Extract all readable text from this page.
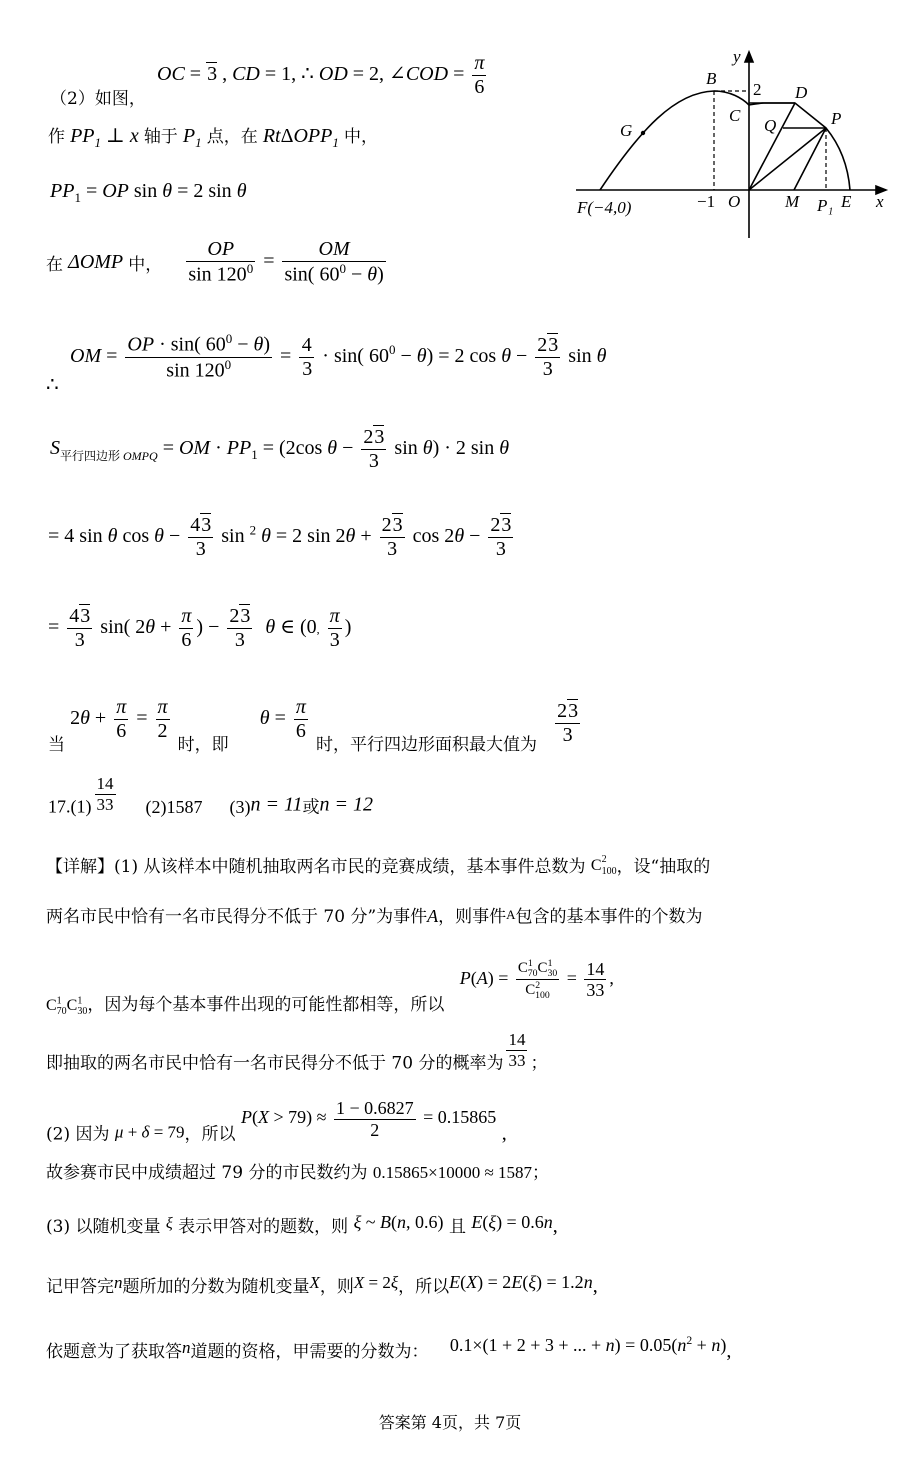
（2）如图，
OC = 3 , CD = 1, ∴ OD = 2, ∠COD = $\frac{\pi}{6}$
作 $PP_1$ ⊥ x 轴于 $P_1$ 点，在 RtΔOPP$_1$ 中，
$PP_1$ = OP sin θ = 2 sin θ
在 ΔOMP 中， $\frac{OP}{\sin 120^0} = \frac{OM}{\sin( 60^0 - \theta)}$
OM = $\frac{OP \cdot \sin( 60^0 - \theta)}{\sin 120^0} = \frac{4}{3} \cdot \sin$( $60^0 - \theta) = 2$ $\cos \theta - \frac{23}{3}$ sin θ
∴
$S_{平行四边形 OMPQ}$ = OM · $PP_1 = (2\cos$ $\theta - \frac{23}{3}$ sin θ) · 2 sin θ
= 4 sin θ $\cos \theta - \frac{43}{3}$ sin $^2$ θ = 2 $\sin 2\theta + \frac{23}{3}$ $\cos 2\theta - \frac{23}{3}$
= $\frac{43}{3} \sin$( $2\theta + \frac{\pi}{6}$ ) − $\frac{23}{3}$ θ ∈ (0, $\frac{\pi}{3}$ )
当 $2\theta + \frac{\pi}{6} = \frac{\pi}{2}$
时，即 $\theta = \frac{\pi}{6}$
时，平行四边形面积最大值为 $\frac{23}{3}$
$17.(1) \frac{14}{33} (2)1587$ $(3)n = 11_或n = 12$
【详解】(1) 从该样本中随机抽取两名市民的竞赛成绩，基本事件总数为 $C^2_{100}$，设“抽取的
两名市民中恰有一名市民得分不低于 70 分”为事件A，则事件A包含的基本事件的个数为
$C^1_{70}C^1_{30}$，因为每个基本事件出现的可能性都相等，所以 $P(A) = \frac{C^1_{70}C^1_{30}}{C^2_{100}} = \frac{14}{33}$ ,
即抽取的两名市民中恰有一名市民得分不低于 70 分的概率为 $\frac{14}{33}$ ；
(2) 因为 μ + δ = 79，所以 $P(X > 79) \approx \frac{1 - 0.6827}{2} = 0.15865$ ,
故参赛市民中成绩超过 79 分的市民数约为 0.15865×10000 ≈ 1587；
(3) 以随机变量 ξ 表示甲答对的题数，则 ξ ~ B(n, 0.6) 且 E(ξ) = 0.6n,
记甲答完n题所加的分数为随机变量X，则X = 2ξ，所以E(X) = 2E(ξ) = 1.2n,
依题意为了获取答n道题的资格，甲需要的分数为： 0.1×(1 + 2 + 3 + ... + $n) = 0.05(n^2 + n)$,
答案第 4页，共 7页
y
x
B
D
C
Q	P
G
F(−4,0)	O	M P₁ E
2
−1
